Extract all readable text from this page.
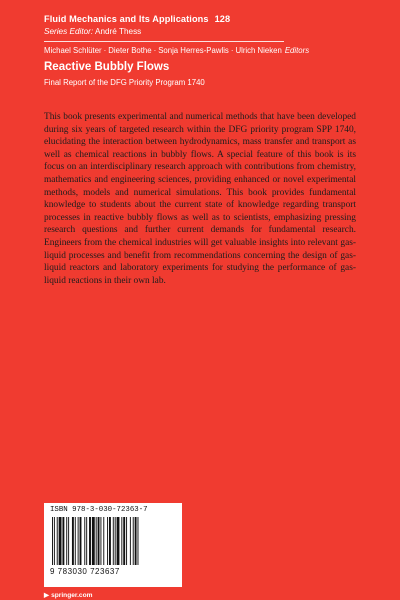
Fluid Mechanics and Its Applications 128
Series Editor: André Thess
Michael Schlüter · Dieter Bothe · Sonja Herres-Pawlis · Ulrich Nieken Editors
Reactive Bubbly Flows
Final Report of the DFG Priority Program 1740

This book presents experimental and numerical methods that have been developed during six years of targeted research within the DFG priority program SPP 1740, elucidating the interaction between hydrodynamics, mass transfer and transport as well as chemical reactions in bubbly flows. A special feature of this book is its focus on an interdisciplinary research approach with contributions from chemistry, mathematics and engineering sciences, providing enhanced or novel experimental methods, models and numerical simulations. This book provides fundamental knowledge to students about the current state of knowledge regarding transport processes in reactive bubbly flows as well as to scientists, emphasizing pressing research questions and further current demands for fundamental research. Engineers from the chemical industries will get valuable insights into relevant gas-liquid processes and benefit from recommendations concerning the design of gas-liquid reactors and laboratory experiments for studying the performance of gas-liquid reactions in their own lab.

ISBN 978-3-030-72363-7
9 783030 723637
▶ springer.com
